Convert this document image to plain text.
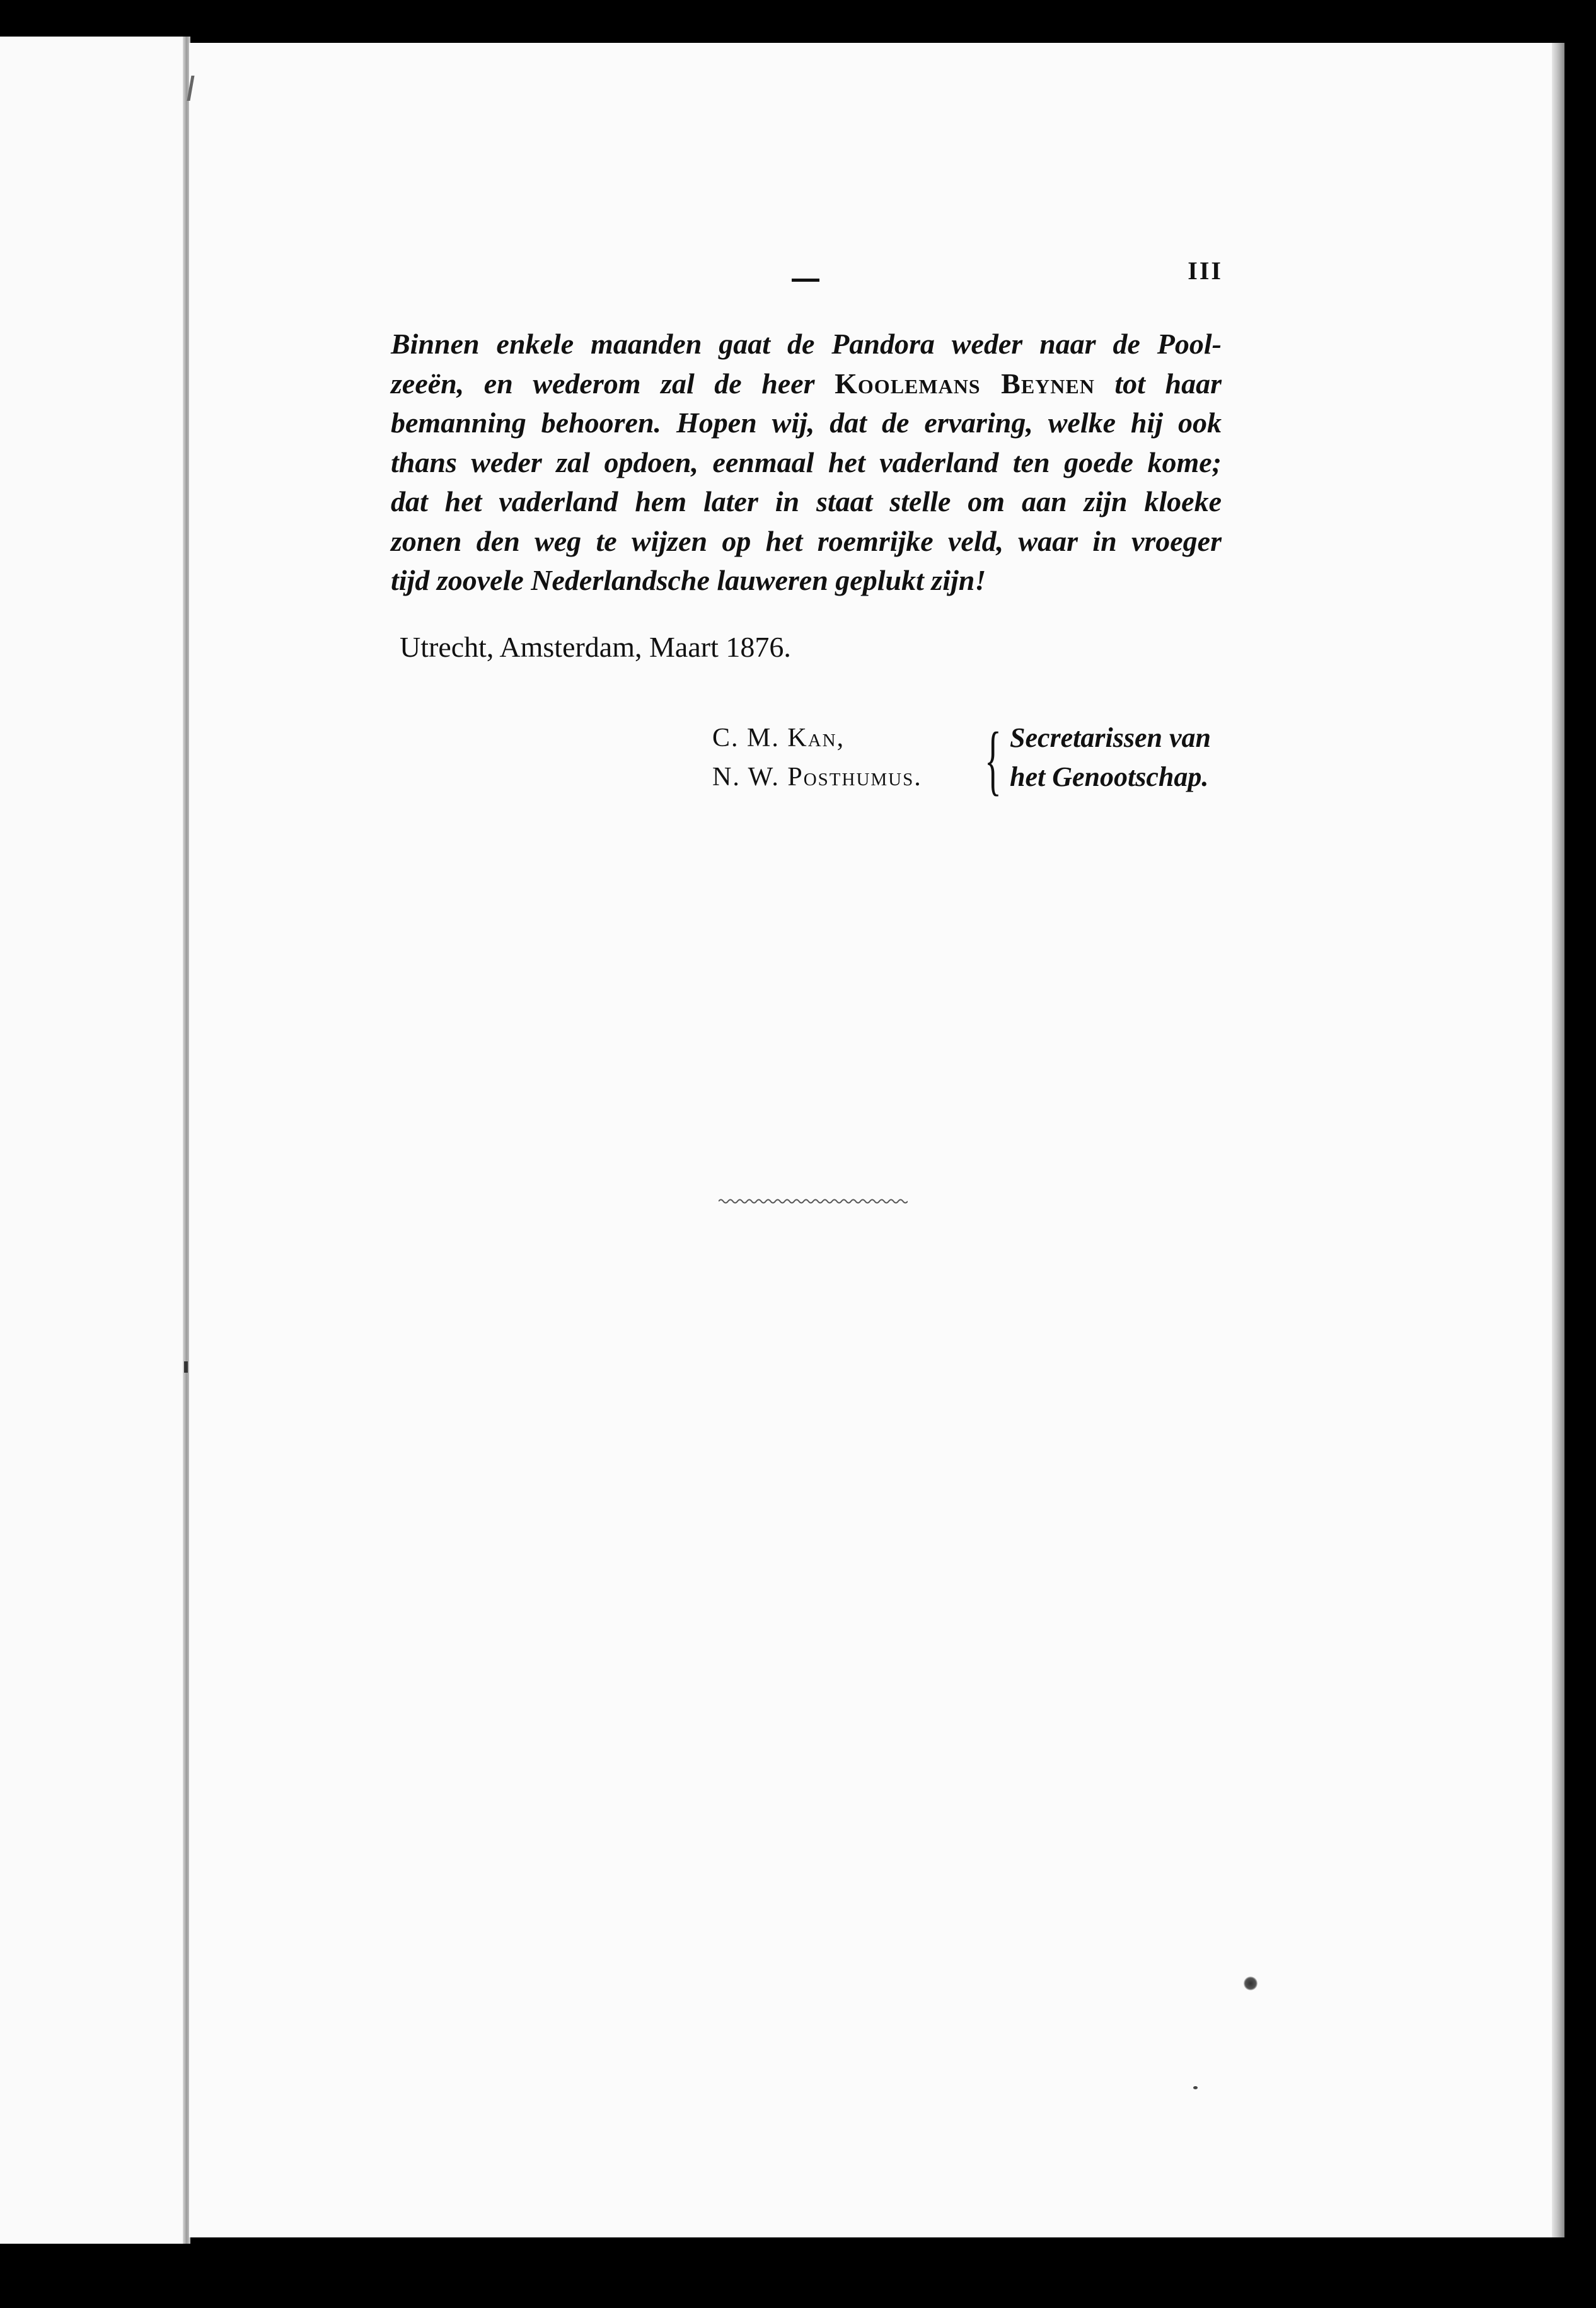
III
Binnen enkele maanden gaat de Pandora weder naar de Pool-
zeeën, en wederom zal de heer Koolemans Beynen tot haar
bemanning behooren. Hopen wij, dat de ervaring, welke hij ook
thans weder zal opdoen, eenmaal het vaderland ten goede kome;
dat het vaderland hem later in staat stelle om aan zijn kloeke
zonen den weg te wijzen op het roemrijke veld, waar in vroeger
tijd zoovele Nederlandsche lauweren geplukt zijn!
Utrecht, Amsterdam, Maart 1876.
C. M. Kan,
N. W. Posthumus. { Secretarissen van
het Genootschap.
